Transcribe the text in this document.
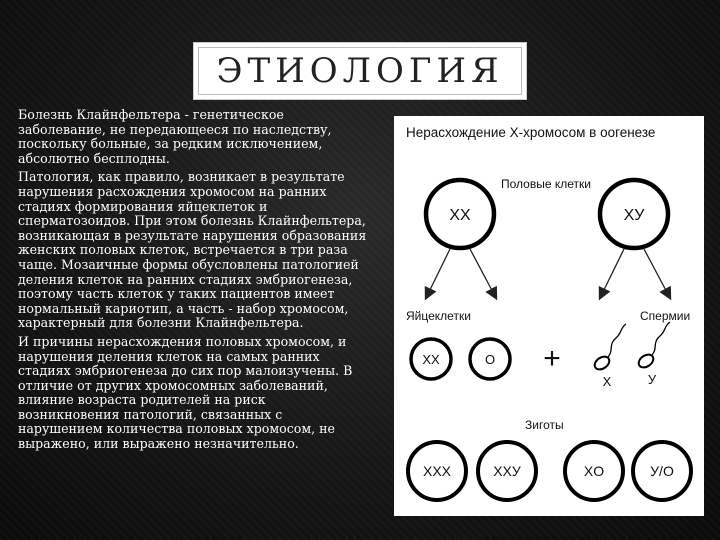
ЭТИОЛОГИЯ

Болезнь Клайнфельтера - генетическое заболевание, не передающееся по наследству, поскольку больные, за редким исключением, абсолютно бесплодны.

Патология, как правило, возникает в результате нарушения расхождения хромосом на ранних стадиях формирования яйцеклеток и сперматозоидов. При этом болезнь Клайнфельтера, возникающая в результате нарушения образования женских половых клеток, встречается в три раза чаще. Мозаичные формы обусловлены патологией деления клеток на ранних стадиях эмбриогенеза, поэтому часть клеток у таких пациентов имеет нормальный кариотип, а часть - набор хромосом, характерный для болезни Клайнфельтера.

И причины нерасхождения половых хромосом, и нарушения деления клеток на самых ранних стадиях эмбриогенеза до сих пор малоизучены. В отличие от других хромосомных заболеваний, влияние возраста родителей на риск возникновения патологий, связанных с нарушением количества половых хромосом, не выражено, или выражено незначительно.

Нерасхождение Х-хромосом в оогенезе
Половые клетки
XX	XУ
Яйцеклетки	Спермии
XX	O +
X	У
Зиготы
XXX	XXУ	XO	У/O
